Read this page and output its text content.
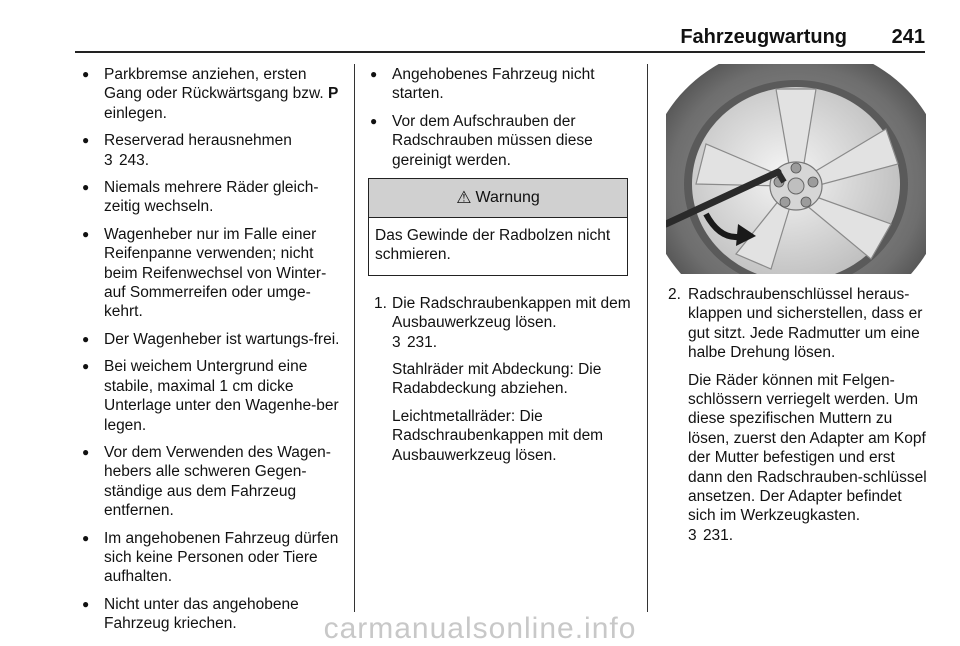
Fahrzeugwartung 241
● Parkbremse anziehen, ersten Gang oder Rückwärtsgang bzw. P einlegen.
● Reserverad herausnehmen
3 243.
● Niemals mehrere Räder gleich-zeitig wechseln.
● Wagenheber nur im Falle einer Reifenpanne verwenden; nicht beim Reifenwechsel von Winter- auf Sommerreifen oder umge-kehrt.
● Der Wagenheber ist wartungs-frei.
● Bei weichem Untergrund eine stabile, maximal 1 cm dicke Unterlage unter den Wagenhe-ber legen.
● Vor dem Verwenden des Wagen-hebers alle schweren Gegen-ständige aus dem Fahrzeug entfernen.
● Im angehobenen Fahrzeug dürfen sich keine Personen oder Tiere aufhalten.
● Nicht unter das angehobene Fahrzeug kriechen.
● Angehobenes Fahrzeug nicht starten.
● Vor dem Aufschrauben der Radschrauben müssen diese gereinigt werden.
⚠ Warnung
Das Gewinde der Radbolzen nicht schmieren.
1. Die Radschraubenkappen mit dem Ausbauwerkzeug lösen.
3 231.
Stahlräder mit Abdeckung: Die Radabdeckung abziehen.
Leichtmetallräder: Die Radschraubenkappen mit dem Ausbauwerkzeug lösen.
2. Radschraubenschlüssel heraus-klappen und sicherstellen, dass er gut sitzt. Jede Radmutter um eine halbe Drehung lösen.
Die Räder können mit Felgen-schlössern verriegelt werden. Um diese spezifischen Muttern zu lösen, zuerst den Adapter am Kopf der Mutter befestigen und erst dann den Radschrauben-schlüssel ansetzen. Der Adapter befindet sich im Werkzeugkasten.
3 231.
carmanualsonline.info
